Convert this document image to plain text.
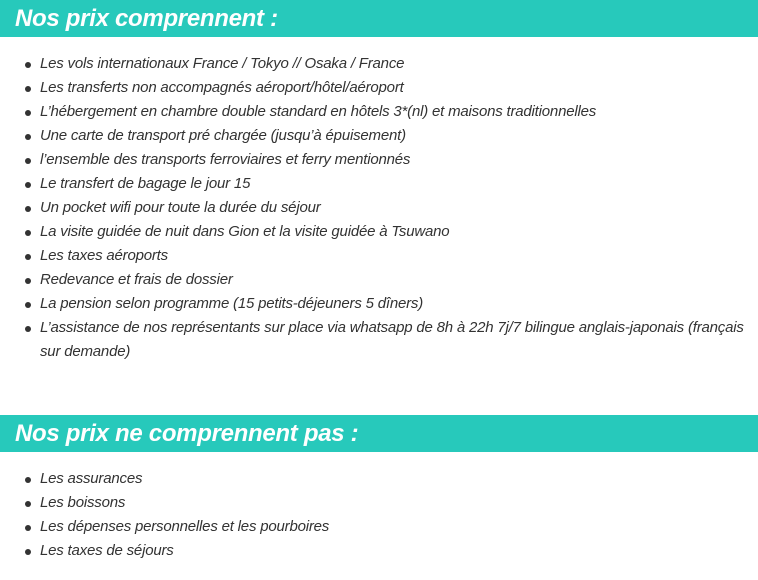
Nos prix comprennent :
Les vols internationaux France / Tokyo // Osaka / France
Les transferts non accompagnés aéroport/hôtel/aéroport
L’hébergement en chambre double standard en hôtels 3*(nl) et maisons traditionnelles
Une carte de transport pré chargée (jusqu’à épuisement)
l’ensemble des transports ferroviaires et ferry mentionnés
Le transfert de bagage le jour 15
Un pocket wifi pour toute la durée du séjour
La visite guidée de nuit dans Gion et la visite guidée à Tsuwano
Les taxes aéroports
Redevance et frais de dossier
La pension selon programme (15 petits-déjeuners 5 dîners)
L’assistance de nos représentants sur place via whatsapp de 8h à 22h 7j/7 bilingue anglais-japonais (français sur demande)
Nos prix ne comprennent pas :
Les assurances
Les boissons
Les dépenses personnelles et les pourboires
Les taxes de séjours
